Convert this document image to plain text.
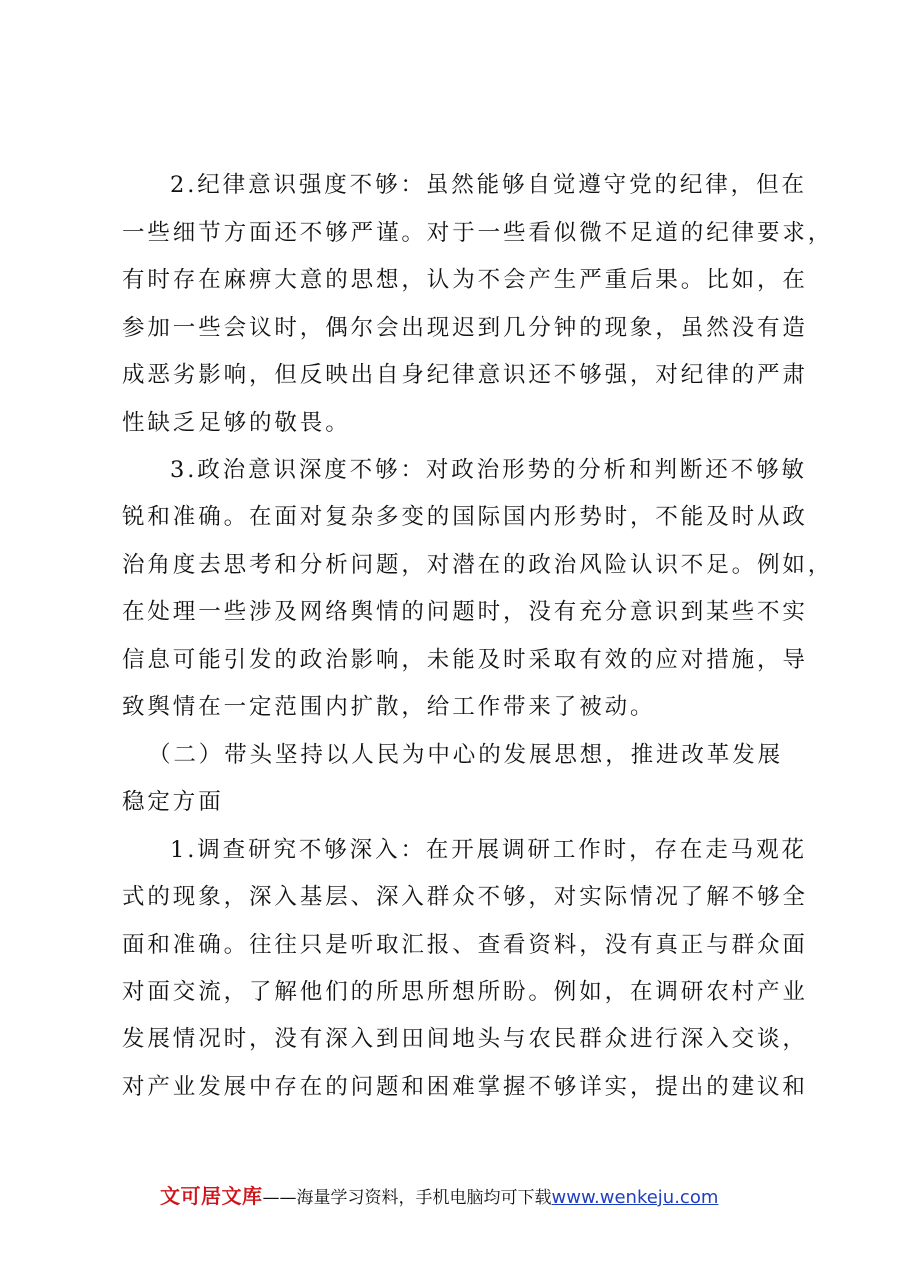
2.纪律意识强度不够：虽然能够自觉遵守党的纪律，但在
一些细节方面还不够严谨。对于一些看似微不足道的纪律要求，
有时存在麻痹大意的思想，认为不会产生严重后果。比如，在
参加一些会议时，偶尔会出现迟到几分钟的现象，虽然没有造
成恶劣影响，但反映出自身纪律意识还不够强，对纪律的严肃
性缺乏足够的敬畏。
3.政治意识深度不够：对政治形势的分析和判断还不够敏
锐和准确。在面对复杂多变的国际国内形势时，不能及时从政
治角度去思考和分析问题，对潜在的政治风险认识不足。例如，
在处理一些涉及网络舆情的问题时，没有充分意识到某些不实
信息可能引发的政治影响，未能及时采取有效的应对措施，导
致舆情在一定范围内扩散，给工作带来了被动。
（二）带头坚持以人民为中心的发展思想，推进改革发展
稳定方面
1.调查研究不够深入：在开展调研工作时，存在走马观花
式的现象，深入基层、深入群众不够，对实际情况了解不够全
面和准确。往往只是听取汇报、查看资料，没有真正与群众面
对面交流，了解他们的所思所想所盼。例如，在调研农村产业
发展情况时，没有深入到田间地头与农民群众进行深入交谈，
对产业发展中存在的问题和困难掌握不够详实，提出的建议和
文可居文库——海量学习资料，手机电脑均可下载www.wenkeju.com
